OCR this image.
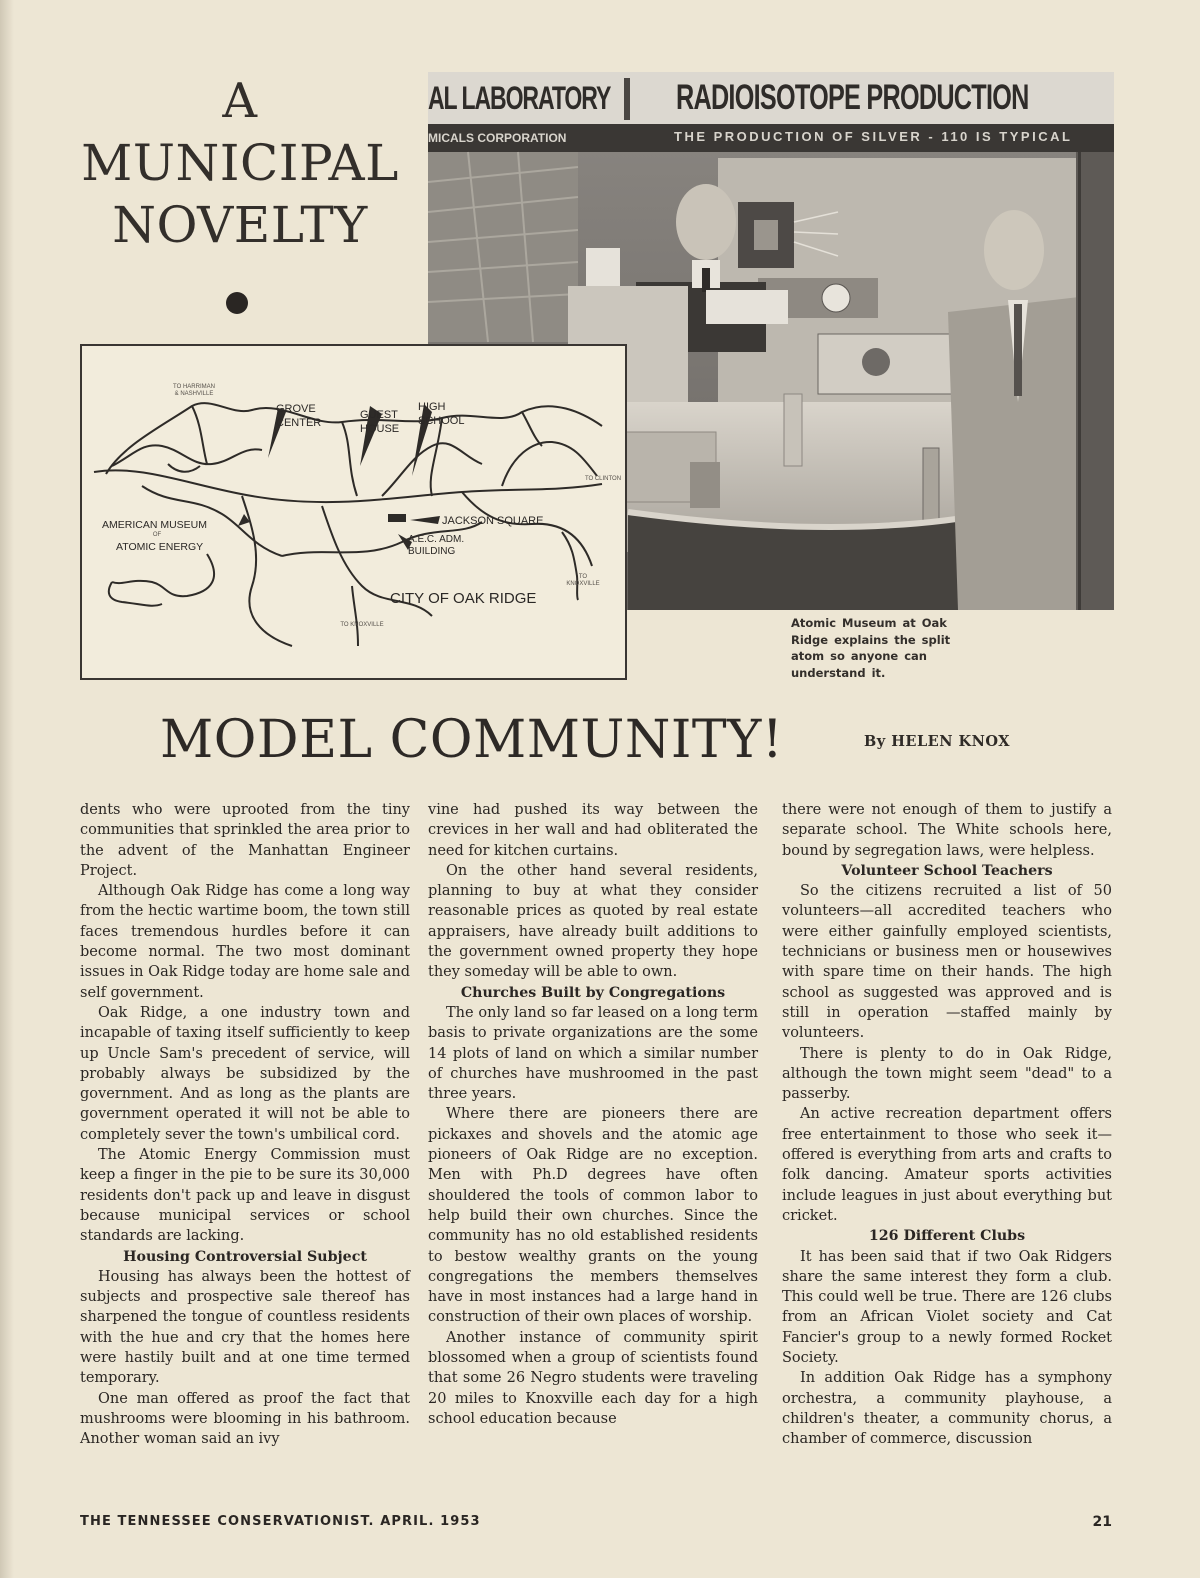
A
MUNICIPAL
NOVELTY
AL LABORATORY RADIOISOTOPE PRODUCTION
MICALS CORPORATION	THE PRODUCTION OF SILVER - 110 IS TYPICAL
TO HARRIMAN & NASHVILLE
TO CLINTON
TO KNOXVILLE
TO KNOXVILLE
GROVE CENTER
GUEST HOUSE
HIGH SCHOOL
JACKSON SQUARE
A.E.C. ADM. BUILDING
AMERICAN MUSEUM
OF
ATOMIC ENERGY
CITY OF OAK RIDGE
Atomic Museum at Oak Ridge explains the split atom so anyone can understand it.
MODEL COMMUNITY!	By HELEN KNOX

dents who were uprooted from the tiny communities that sprinkled the area prior to the advent of the Manhattan Engineer Project.

Although Oak Ridge has come a long way from the hectic wartime boom, the town still faces tremendous hurdles before it can become normal. The two most dominant issues in Oak Ridge today are home sale and self government.

Oak Ridge, a one industry town and incapable of taxing itself sufficiently to keep up Uncle Sam's precedent of service, will probably always be subsidized by the government. And as long as the plants are government operated it will not be able to completely sever the town's umbilical cord.

The Atomic Energy Commission must keep a finger in the pie to be sure its 30,000 residents don't pack up and leave in disgust because municipal services or school standards are lacking.

Housing Controversial Subject

Housing has always been the hottest of subjects and prospective sale thereof has sharpened the tongue of countless residents with the hue and cry that the homes here were hastily built and at one time termed temporary.

One man offered as proof the fact that mushrooms were blooming in his bathroom. Another woman said an ivy

vine had pushed its way between the crevices in her wall and had obliterated the need for kitchen curtains.

On the other hand several residents, planning to buy at what they consider reasonable prices as quoted by real estate appraisers, have already built additions to the government owned property they hope they someday will be able to own.

Churches Built by Congregations

The only land so far leased on a long term basis to private organizations are the some 14 plots of land on which a similar number of churches have mushroomed in the past three years.

Where there are pioneers there are pickaxes and shovels and the atomic age pioneers of Oak Ridge are no exception. Men with Ph.D degrees have often shouldered the tools of common labor to help build their own churches. Since the community has no old established residents to bestow wealthy grants on the young congregations the members themselves have in most instances had a large hand in construction of their own places of worship.

Another instance of community spirit blossomed when a group of scientists found that some 26 Negro students were traveling 20 miles to Knoxville each day for a high school education because

there were not enough of them to justify a separate school. The White schools here, bound by segregation laws, were helpless.

Volunteer School Teachers

So the citizens recruited a list of 50 volunteers—all accredited teachers who were either gainfully employed scientists, technicians or business men or housewives with spare time on their hands. The high school as suggested was approved and is still in operation —staffed mainly by volunteers.

There is plenty to do in Oak Ridge, although the town might seem "dead" to a passerby.

An active recreation department offers free entertainment to those who seek it—offered is everything from arts and crafts to folk dancing. Amateur sports activities include leagues in just about everything but cricket.

126 Different Clubs

It has been said that if two Oak Ridgers share the same interest they form a club. This could well be true. There are 126 clubs from an African Violet society and Cat Fancier's group to a newly formed Rocket Society.

In addition Oak Ridge has a symphony orchestra, a community playhouse, a children's theater, a community chorus, a chamber of commerce, discussion

THE TENNESSEE CONSERVATIONIST. APRIL. 1953	21
